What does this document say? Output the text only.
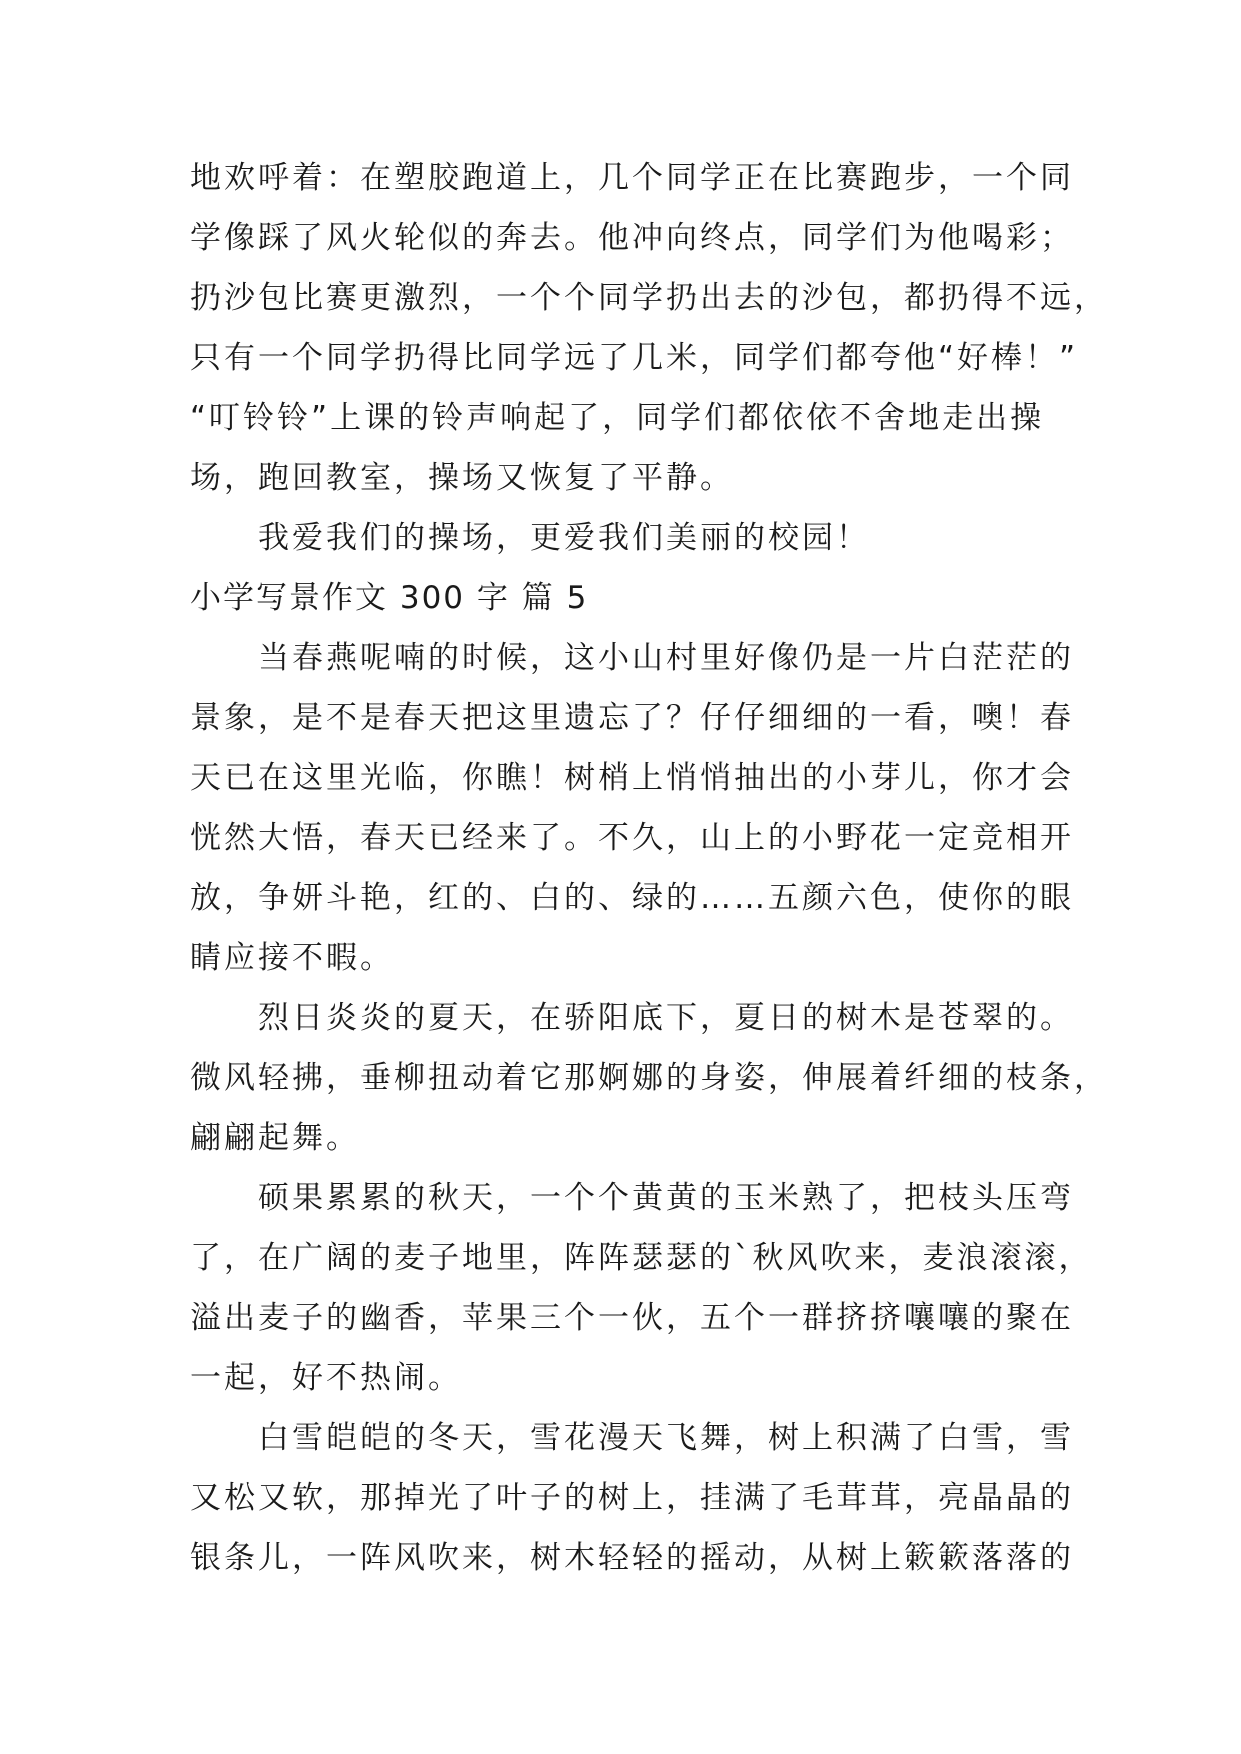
地欢呼着：在塑胶跑道上，几个同学正在比赛跑步，一个同

学像踩了风火轮似的奔去。他冲向终点，同学们为他喝彩；

扔沙包比赛更激烈，一个个同学扔出去的沙包，都扔得不远，

只有一个同学扔得比同学远了几米，同学们都夸他“好棒！”

“叮铃铃”上课的铃声响起了，同学们都依依不舍地走出操

场，跑回教室，操场又恢复了平静。

我爱我们的操场，更爱我们美丽的校园！

小学写景作文 300 字 篇 5

当春燕呢喃的时候，这小山村里好像仍是一片白茫茫的

景象，是不是春天把这里遗忘了？仔仔细细的一看，噢！春

天已在这里光临，你瞧！树梢上悄悄抽出的小芽儿，你才会

恍然大悟，春天已经来了。不久，山上的小野花一定竞相开

放，争妍斗艳，红的、白的、绿的……五颜六色，使你的眼

睛应接不暇。

烈日炎炎的夏天，在骄阳底下，夏日的树木是苍翠的。

微风轻拂，垂柳扭动着它那婀娜的身姿，伸展着纤细的枝条，

翩翩起舞。

硕果累累的秋天，一个个黄黄的玉米熟了，把枝头压弯

了，在广阔的麦子地里，阵阵瑟瑟的`秋风吹来，麦浪滚滚，

溢出麦子的幽香，苹果三个一伙，五个一群挤挤嚷嚷的聚在

一起，好不热闹。

白雪皑皑的冬天，雪花漫天飞舞，树上积满了白雪，雪

又松又软，那掉光了叶子的树上，挂满了毛茸茸，亮晶晶的

银条儿，一阵风吹来，树木轻轻的摇动，从树上簌簌落落的
